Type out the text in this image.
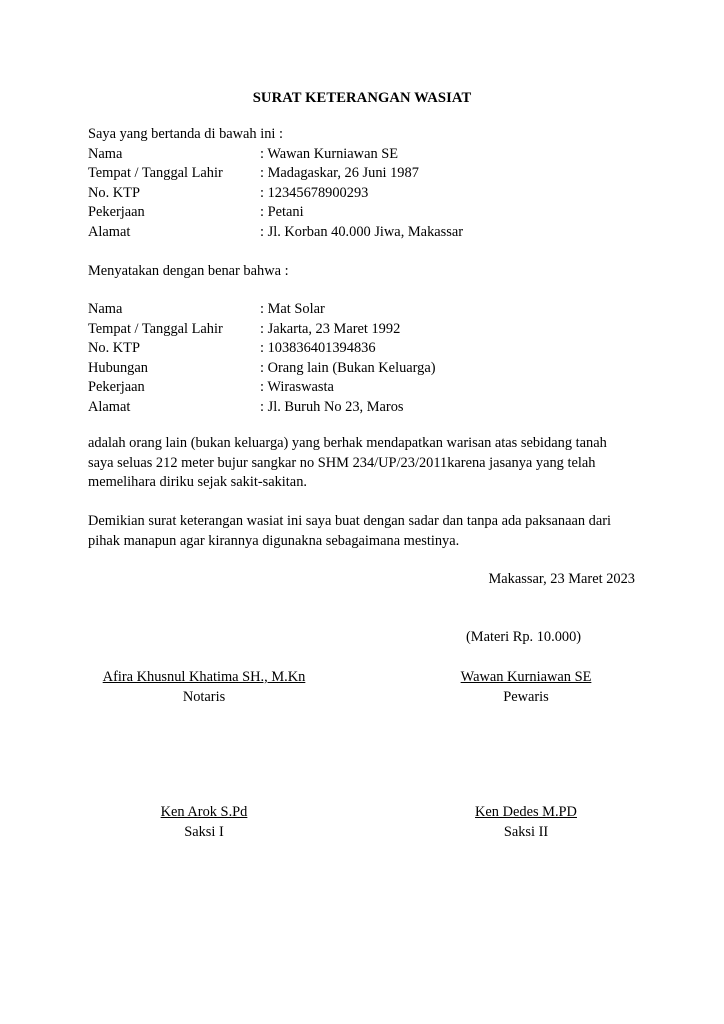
SURAT KETERANGAN WASIAT
Saya yang bertanda di bawah ini :
Nama	: Wawan Kurniawan SE
Tempat / Tanggal Lahir	: Madagaskar, 26 Juni 1987
No. KTP	: 12345678900293
Pekerjaan	: Petani
Alamat	: Jl. Korban 40.000 Jiwa, Makassar
Menyatakan dengan benar bahwa :
Nama	: Mat Solar
Tempat / Tanggal Lahir	: Jakarta, 23 Maret 1992
No. KTP	: 103836401394836
Hubungan	: Orang lain (Bukan Keluarga)
Pekerjaan	: Wiraswasta
Alamat	: Jl. Buruh No 23, Maros
adalah orang lain (bukan keluarga) yang berhak mendapatkan warisan atas sebidang tanah
saya seluas 212 meter bujur sangkar no SHM 234/UP/23/2011karena jasanya yang telah
memelihara diriku sejak sakit-sakitan.
Demikian surat keterangan wasiat ini saya buat dengan sadar dan tanpa ada paksanaan dari
pihak manapun agar kirannya digunakna sebagaimana mestinya.
Makassar, 23 Maret 2023
(Materi Rp. 10.000)
Afira Khusnul Khatima SH., M.Kn
Notaris
Wawan Kurniawan SE
Pewaris
Ken Arok S.Pd
Saksi I
Ken Dedes M.PD
Saksi II
